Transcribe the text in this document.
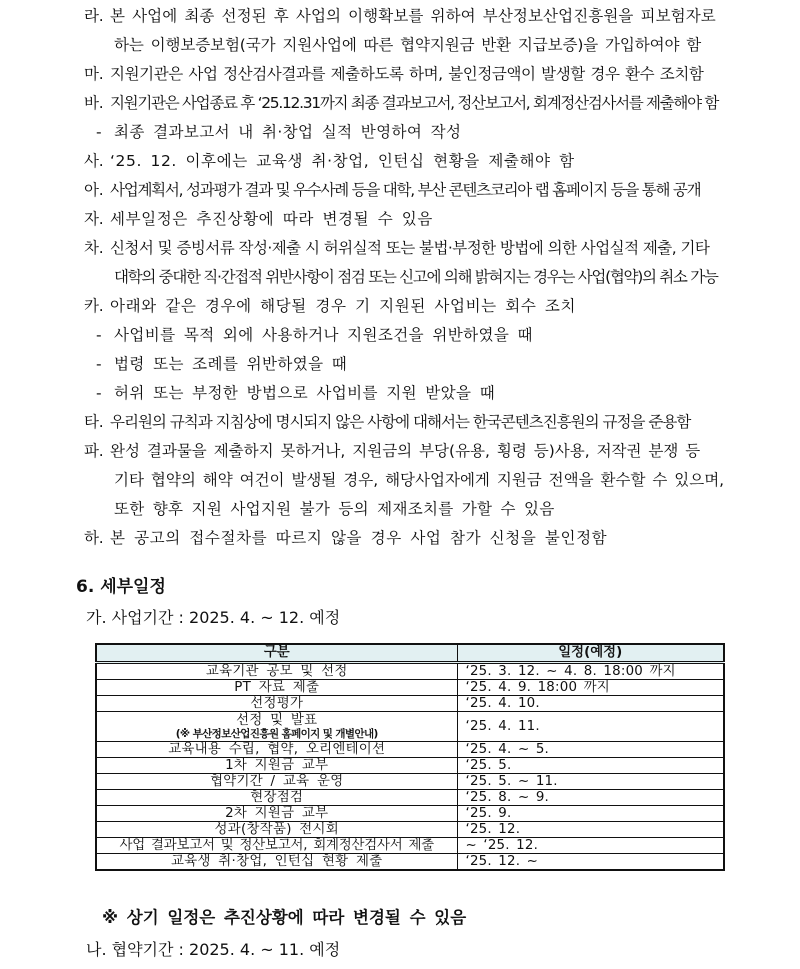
라. 본 사업에 최종 선정된 후 사업의 이행확보를 위하여 부산정보산업진흥원을 피보험자로
하는 이행보증보험(국가 지원사업에 따른 협약지원금 반환 지급보증)을 가입하여야 함
마. 지원기관은 사업 정산검사결과를 제출하도록 하며, 불인정금액이 발생할 경우 환수 조치함
바. 지원기관은 사업종료 후 ‘25.12.31까지 최종 결과보고서, 정산보고서, 회계정산검사서를 제출해야 함
- 최종 결과보고서 내 취·창업 실적 반영하여 작성
사. ‘25. 12. 이후에는 교육생 취·창업, 인턴십 현황을 제출해야 함
아. 사업계획서, 성과평가 결과 및 우수사례 등을 대학, 부산 콘텐츠코리아 랩 홈페이지 등을 통해 공개
자. 세부일정은 추진상황에 따라 변경될 수 있음
차. 신청서 및 증빙서류 작성·제출 시 허위실적 또는 불법·부정한 방법에 의한 사업실적 제출, 기타
대학의 중대한 직·간접적 위반사항이 점검 또는 신고에 의해 밝혀지는 경우는 사업(협약)의 취소 가능
카. 아래와 같은 경우에 해당될 경우 기 지원된 사업비는 회수 조치
- 사업비를 목적 외에 사용하거나 지원조건을 위반하였을 때
- 법령 또는 조례를 위반하였을 때
- 허위 또는 부정한 방법으로 사업비를 지원 받았을 때
타. 우리원의 규칙과 지침상에 명시되지 않은 사항에 대해서는 한국콘텐츠진흥원의 규정을 준용함
파. 완성 결과물을 제출하지 못하거나, 지원금의 부당(유용, 횡령 등)사용, 저작권 분쟁 등
기타 협약의 해약 여건이 발생될 경우, 해당사업자에게 지원금 전액을 환수할 수 있으며,
또한 향후 지원 사업지원 불가 등의 제재조치를 가할 수 있음
하. 본 공고의 접수절차를 따르지 않을 경우 사업 참가 신청을 불인정함
6. 세부일정
가. 사업기간 : 2025. 4. ~ 12. 예정
구분	일정(예정)
교육기관 공모 및 선정	‘25. 3. 12. ~ 4. 8. 18:00 까지
PT 자료 제출	‘25. 4. 9. 18:00 까지
선정평가	‘25. 4. 10.

선정 및 발표
(※ 부산정보산업진흥원 홈페이지 및 개별안내)	‘25. 4. 11.
교육내용 수립, 협약, 오리엔테이션	‘25. 4. ~ 5.
1차 지원금 교부	‘25. 5.
협약기간 / 교육 운영	‘25. 5. ~ 11.
현장점검	‘25. 8. ~ 9.
2차 지원금 교부	‘25. 9.
성과(창작품) 전시회	‘25. 12.
사업 결과보고서 및 정산보고서, 회계정산검사서 제출	~ ‘25. 12.
교육생 취·창업, 인턴십 현황 제출	‘25. 12. ~
※ 상기 일정은 추진상황에 따라 변경될 수 있음
나. 협약기간 : 2025. 4. ~ 11. 예정
